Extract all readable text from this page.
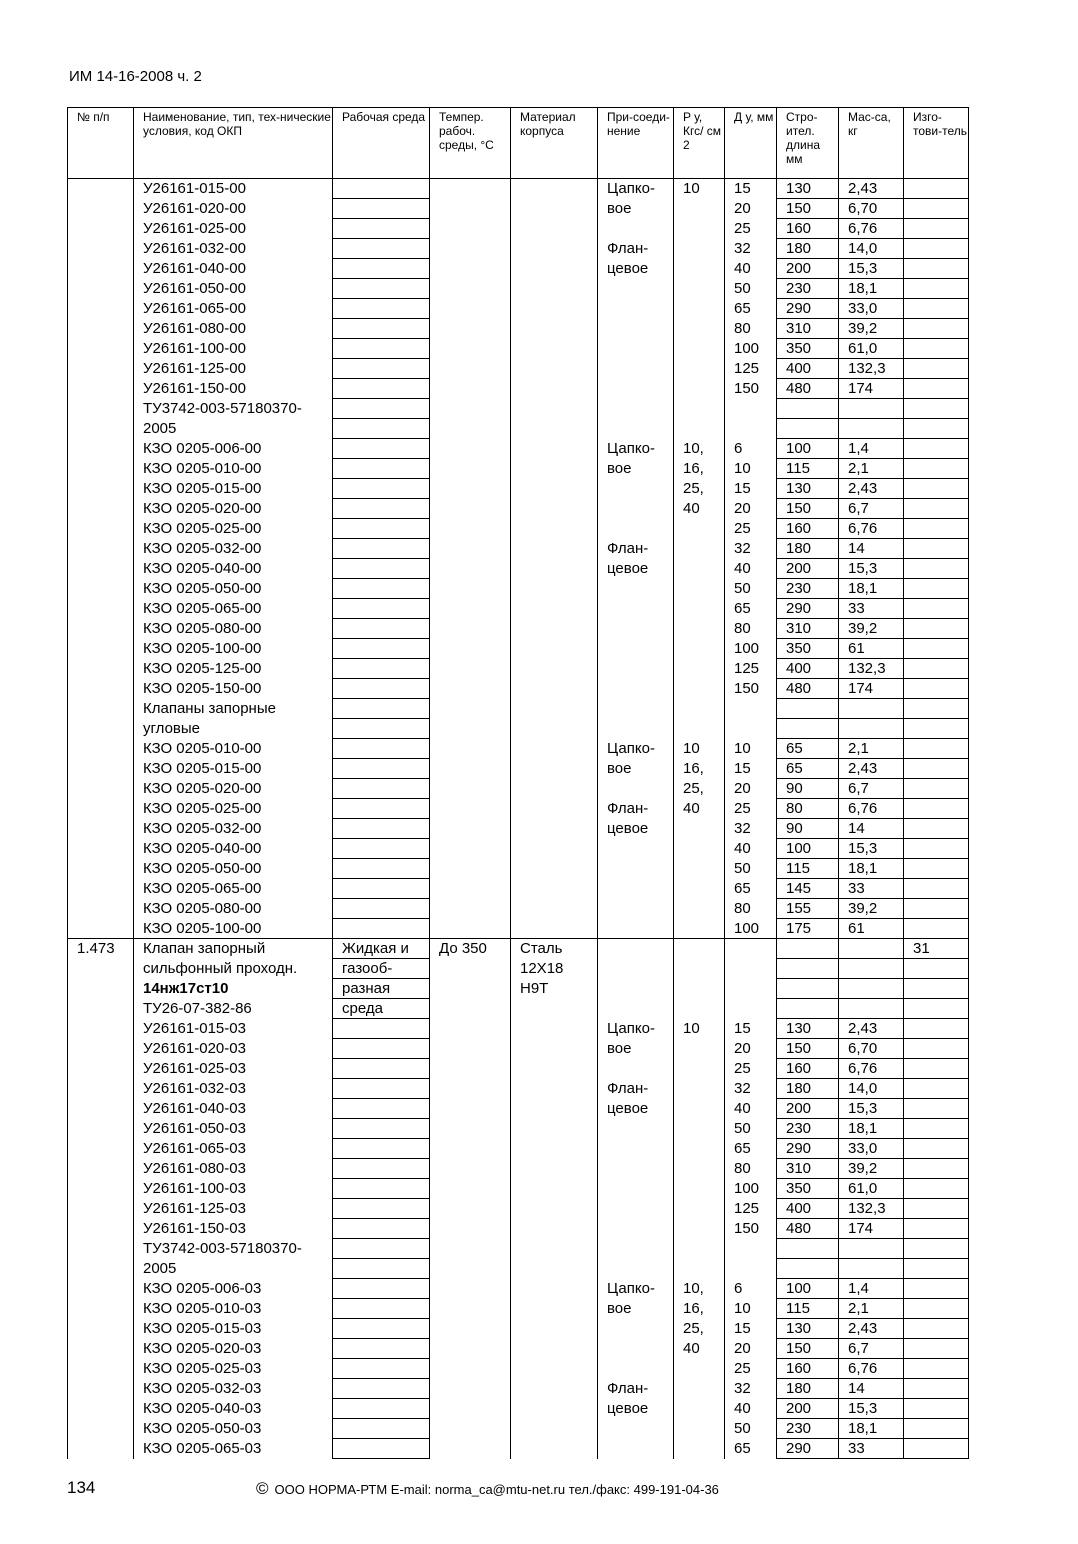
ИМ 14-16-2008 ч. 2
№ п/п	Наименование, тип, тех-нические условия, код ОКП	Рабочая среда	Темпер. рабоч. среды, °С	Материал корпуса	При-соеди-нение	P у, Кгс/ см 2	Д у, мм	Стро-ител. длина мм	Мас-са, кг	Изго-тови-тель
	У26161-015-00				Цапко-	10	15	130	2,43	
	У26161-020-00				вое		20	150	6,70	
	У26161-025-00						25	160	6,76	
	У26161-032-00				Флан-		32	180	14,0	
	У26161-040-00				цевое		40	200	15,3	
	У26161-050-00						50	230	18,1	
	У26161-065-00						65	290	33,0	
	У26161-080-00						80	310	39,2	
	У26161-100-00						100	350	61,0	
	У26161-125-00						125	400	132,3	
	У26161-150-00						150	480	174	
	ТУ3742-003-57180370-									
	2005									
	КЗО 0205-006-00				Цапко-	10,	6	100	1,4	
	КЗО 0205-010-00				вое	16,	10	115	2,1	
	КЗО 0205-015-00					25,	15	130	2,43	
	КЗО 0205-020-00					40	20	150	6,7	
	КЗО 0205-025-00						25	160	6,76	
	КЗО 0205-032-00				Флан-		32	180	14	
	КЗО 0205-040-00				цевое		40	200	15,3	
	КЗО 0205-050-00						50	230	18,1	
	КЗО 0205-065-00						65	290	33	
	КЗО 0205-080-00						80	310	39,2	
	КЗО 0205-100-00						100	350	61	
	КЗО 0205-125-00						125	400	132,3	
	КЗО 0205-150-00						150	480	174	
	Клапаны запорные									
	угловые									
	КЗО 0205-010-00				Цапко-	10	10	65	2,1	
	КЗО 0205-015-00				вое	16,	15	65	2,43	
	КЗО 0205-020-00					25,	20	90	6,7	
	КЗО 0205-025-00				Флан-	40	25	80	6,76	
	КЗО 0205-032-00				цевое		32	90	14	
	КЗО 0205-040-00						40	100	15,3	
	КЗО 0205-050-00						50	115	18,1	
	КЗО 0205-065-00						65	145	33	
	КЗО 0205-080-00						80	155	39,2	
	КЗО 0205-100-00						100	175	61	
1.473	Клапан запорный	Жидкая и	До 350	Сталь						31
	сильфонный проходн.	газооб-		12Х18						
	14нж17ст10	разная		Н9Т						
	ТУ26-07-382-86	среда								
	У26161-015-03				Цапко-	10	15	130	2,43	
	У26161-020-03				вое		20	150	6,70	
	У26161-025-03						25	160	6,76	
	У26161-032-03				Флан-		32	180	14,0	
	У26161-040-03				цевое		40	200	15,3	
	У26161-050-03						50	230	18,1	
	У26161-065-03						65	290	33,0	
	У26161-080-03						80	310	39,2	
	У26161-100-03						100	350	61,0	
	У26161-125-03						125	400	132,3	
	У26161-150-03						150	480	174	
	ТУ3742-003-57180370-									
	2005									
	КЗО 0205-006-03				Цапко-	10,	6	100	1,4	
	КЗО 0205-010-03				вое	16,	10	115	2,1	
	КЗО 0205-015-03					25,	15	130	2,43	
	КЗО 0205-020-03					40	20	150	6,7	
	КЗО 0205-025-03						25	160	6,76	
	КЗО 0205-032-03				Флан-		32	180	14	
	КЗО 0205-040-03				цевое		40	200	15,3	
	КЗО 0205-050-03						50	230	18,1	
	КЗО 0205-065-03						65	290	33	
134	© ООО НОРМА-РТМ E-mail: norma_ca@mtu-net.ru тел./факс: 499-191-04-36
